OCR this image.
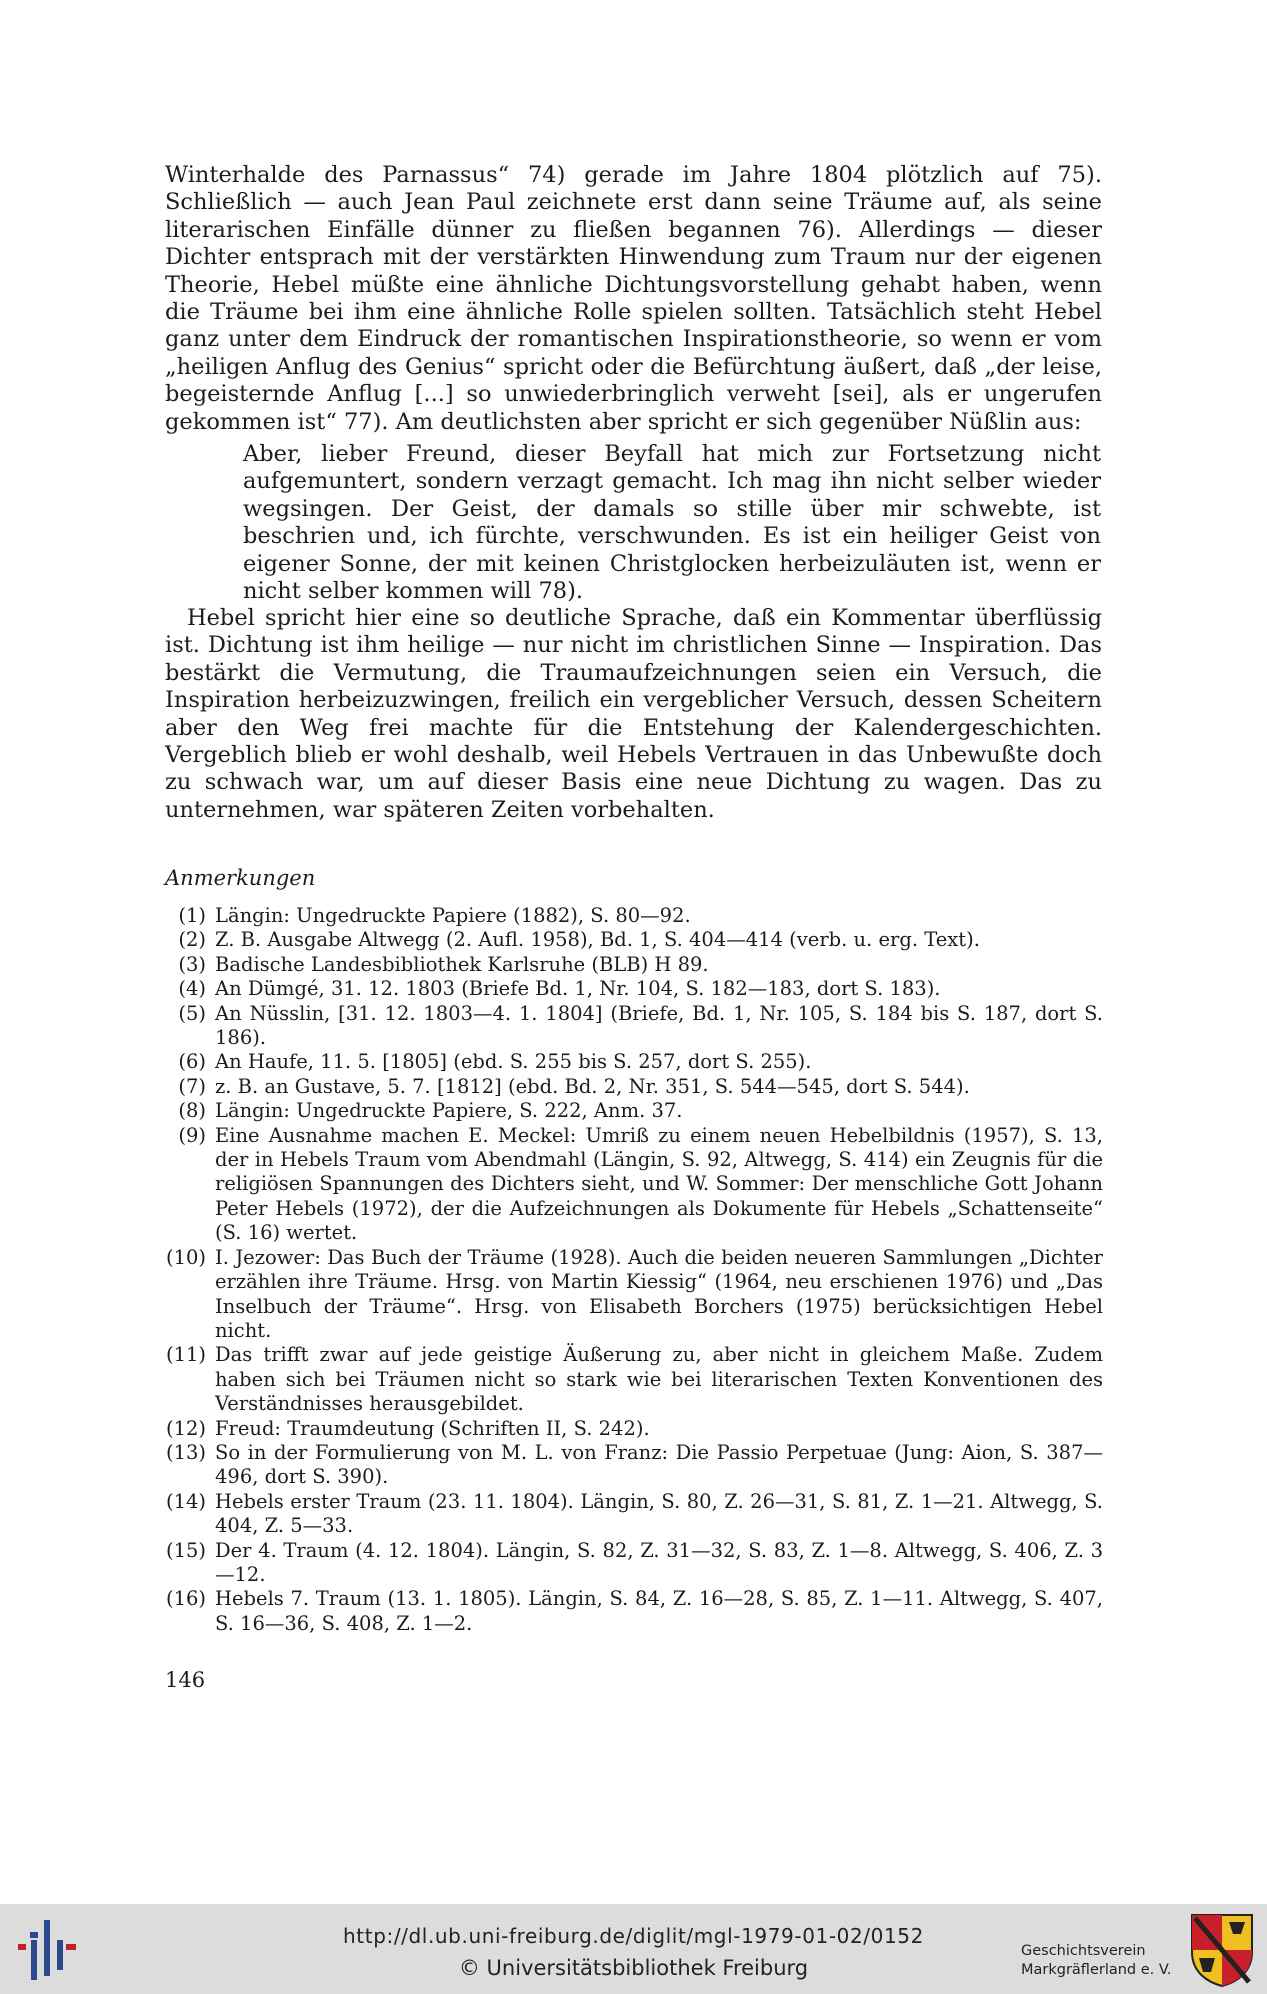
Winterhalde des Parnassus“ 74) gerade im Jahre 1804 plötzlich auf 75). Schließlich — auch Jean Paul zeichnete erst dann seine Träume auf, als seine literarischen Einfälle dünner zu fließen begannen 76). Allerdings — dieser Dichter entsprach mit der verstärkten Hinwendung zum Traum nur der eigenen Theorie, Hebel müßte eine ähnliche Dichtungsvorstellung gehabt haben, wenn die Träume bei ihm eine ähnliche Rolle spielen sollten. Tatsächlich steht Hebel ganz unter dem Eindruck der romantischen Inspirationstheorie, so wenn er vom „heiligen Anflug des Genius“ spricht oder die Befürchtung äußert, daß „der leise, begeisternde Anflug [...] so unwiederbringlich verweht [sei], als er ungerufen gekommen ist“ 77). Am deutlichsten aber spricht er sich gegenüber Nüßlin aus:

Aber, lieber Freund, dieser Beyfall hat mich zur Fortsetzung nicht aufgemuntert, sondern verzagt gemacht. Ich mag ihn nicht selber wieder wegsingen. Der Geist, der damals so stille über mir schwebte, ist beschrien und, ich fürchte, verschwunden. Es ist ein heiliger Geist von eigener Sonne, der mit keinen Christglocken herbeizuläuten ist, wenn er nicht selber kommen will 78).

Hebel spricht hier eine so deutliche Sprache, daß ein Kommentar überflüssig ist. Dichtung ist ihm heilige — nur nicht im christlichen Sinne — Inspiration. Das bestärkt die Vermutung, die Traumaufzeichnungen seien ein Versuch, die Inspiration herbeizuzwingen, freilich ein vergeblicher Versuch, dessen Scheitern aber den Weg frei machte für die Entstehung der Kalendergeschichten. Vergeblich blieb er wohl deshalb, weil Hebels Vertrauen in das Unbewußte doch zu schwach war, um auf dieser Basis eine neue Dichtung zu wagen. Das zu unternehmen, war späteren Zeiten vorbehalten.

Anmerkungen

(1) Längin: Ungedruckte Papiere (1882), S. 80—92.
(2) Z. B. Ausgabe Altwegg (2. Aufl. 1958), Bd. 1, S. 404—414 (verb. u. erg. Text).
(3) Badische Landesbibliothek Karlsruhe (BLB) H 89.
(4) An Dümgé, 31. 12. 1803 (Briefe Bd. 1, Nr. 104, S. 182—183, dort S. 183).
(5) An Nüsslin, [31. 12. 1803—4. 1. 1804] (Briefe, Bd. 1, Nr. 105, S. 184 bis S. 187, dort S. 186).
(6) An Haufe, 11. 5. [1805] (ebd. S. 255 bis S. 257, dort S. 255).
(7) z. B. an Gustave, 5. 7. [1812] (ebd. Bd. 2, Nr. 351, S. 544—545, dort S. 544).
(8) Längin: Ungedruckte Papiere, S. 222, Anm. 37.
(9) Eine Ausnahme machen E. Meckel: Umriß zu einem neuen Hebelbildnis (1957), S. 13, der in Hebels Traum vom Abendmahl (Längin, S. 92, Altwegg, S. 414) ein Zeugnis für die religiösen Spannungen des Dichters sieht, und W. Sommer: Der menschliche Gott Johann Peter Hebels (1972), der die Aufzeichnungen als Dokumente für Hebels „Schattenseite“ (S. 16) wertet.
(10) I. Jezower: Das Buch der Träume (1928). Auch die beiden neueren Sammlungen „Dichter erzählen ihre Träume. Hrsg. von Martin Kiessig“ (1964, neu erschienen 1976) und „Das Inselbuch der Träume“. Hrsg. von Elisabeth Borchers (1975) berücksichtigen Hebel nicht.
(11) Das trifft zwar auf jede geistige Äußerung zu, aber nicht in gleichem Maße. Zudem haben sich bei Träumen nicht so stark wie bei literarischen Texten Konventionen des Verständnisses herausgebildet.
(12) Freud: Traumdeutung (Schriften II, S. 242).
(13) So in der Formulierung von M. L. von Franz: Die Passio Perpetuae (Jung: Aion, S. 387—496, dort S. 390).
(14) Hebels erster Traum (23. 11. 1804). Längin, S. 80, Z. 26—31, S. 81, Z. 1—21. Altwegg, S. 404, Z. 5—33.
(15) Der 4. Traum (4. 12. 1804). Längin, S. 82, Z. 31—32, S. 83, Z. 1—8. Altwegg, S. 406, Z. 3—12.
(16) Hebels 7. Traum (13. 1. 1805). Längin, S. 84, Z. 16—28, S. 85, Z. 1—11. Altwegg, S. 407, S. 16—36, S. 408, Z. 1—2.

146

http://dl.ub.uni-freiburg.de/diglit/mgl-1979-01-02/0152
© Universitätsbibliothek Freiburg
Geschichtsverein
Markgräflerland e. V.
